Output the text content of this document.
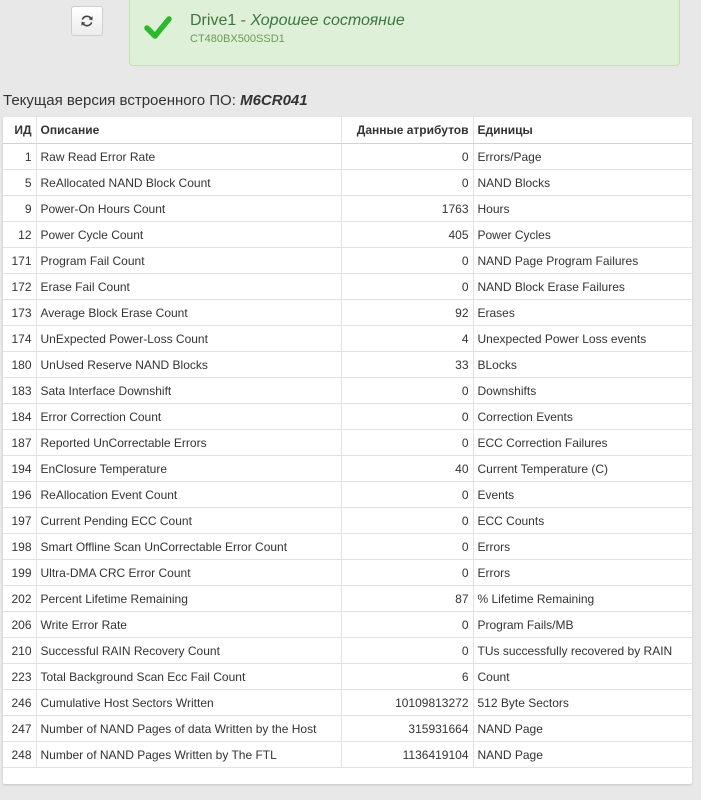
Drive1 - Хорошее состояние
CT480BX500SSD1
Текущая версия встроенного ПО: M6CR041
ИД	Описание	Данные атрибутов	Единицы
1	Raw Read Error Rate	0	Errors/Page
5	ReAllocated NAND Block Count	0	NAND Blocks
9	Power-On Hours Count	1763	Hours
12	Power Cycle Count	405	Power Cycles
171	Program Fail Count	0	NAND Page Program Failures
172	Erase Fail Count	0	NAND Block Erase Failures
173	Average Block Erase Count	92	Erases
174	UnExpected Power-Loss Count	4	Unexpected Power Loss events
180	UnUsed Reserve NAND Blocks	33	BLocks
183	Sata Interface Downshift	0	Downshifts
184	Error Correction Count	0	Correction Events
187	Reported UnCorrectable Errors	0	ECC Correction Failures
194	EnClosure Temperature	40	Current Temperature (C)
196	ReAllocation Event Count	0	Events
197	Current Pending ECC Count	0	ECC Counts
198	Smart Offline Scan UnCorrectable Error Count	0	Errors
199	Ultra-DMA CRC Error Count	0	Errors
202	Percent Lifetime Remaining	87	% Lifetime Remaining
206	Write Error Rate	0	Program Fails/MB
210	Successful RAIN Recovery Count	0	TUs successfully recovered by RAIN
223	Total Background Scan Ecc Fail Count	6	Count
246	Cumulative Host Sectors Written	10109813272	512 Byte Sectors
247	Number of NAND Pages of data Written by the Host	315931664	NAND Page
248	Number of NAND Pages Written by The FTL	1136419104	NAND Page
